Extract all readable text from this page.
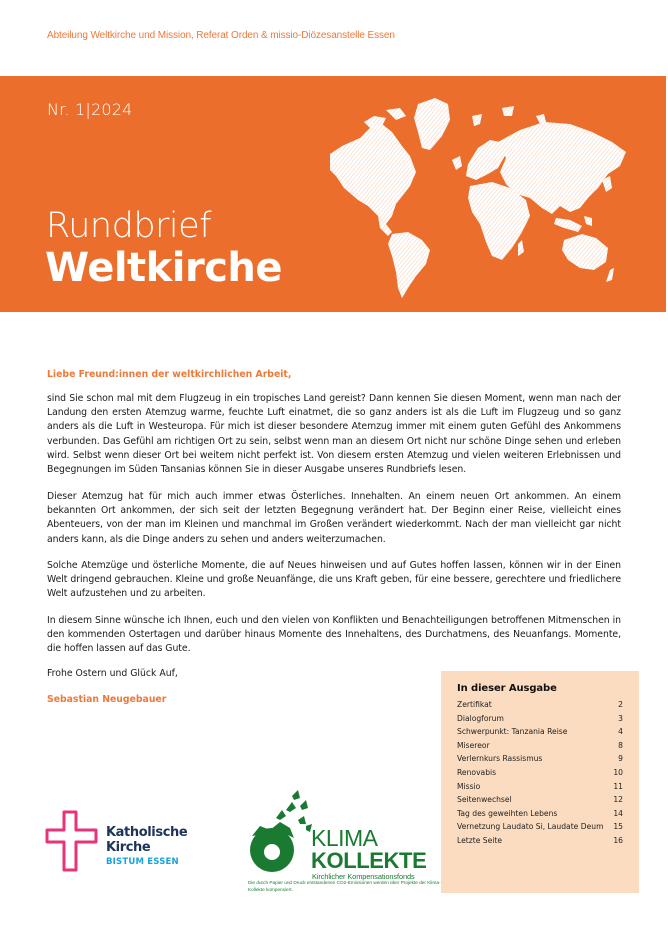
Abteilung Weltkirche und Mission, Referat Orden & missio-Diözesanstelle Essen
Nr. 1|2024
Rundbrief
Weltkirche
Liebe Freund:innen der weltkirchlichen Arbeit,

sind Sie schon mal mit dem Flugzeug in ein tropisches Land gereist? Dann kennen Sie diesen Moment, wenn man nach der Landung den ersten Atemzug warme, feuchte Luft einatmet, die so ganz anders ist als die Luft im Flugzeug und so ganz anders als die Luft in Westeuropa. Für mich ist dieser besondere Atemzug immer mit einem guten Gefühl des Ankommens verbunden. Das Gefühl am richtigen Ort zu sein, selbst wenn man an diesem Ort nicht nur schöne Dinge sehen und erleben wird. Selbst wenn dieser Ort bei weitem nicht perfekt ist. Von diesem ersten Atemzug und vielen weiteren Erlebnissen und Begegnungen im Süden Tansanias können Sie in dieser Ausgabe unseres Rundbriefs lesen.

Dieser Atemzug hat für mich auch immer etwas Österliches. Innehalten. An einem neuen Ort ankommen. An einem bekannten Ort ankommen, der sich seit der letzten Begegnung verändert hat. Der Beginn einer Reise, vielleicht eines Abenteuers, von der man im Kleinen und manchmal im Großen verändert wiederkommt. Nach der man vielleicht gar nicht anders kann, als die Dinge anders zu sehen und anders weiterzumachen.

Solche Atemzüge und österliche Momente, die auf Neues hinweisen und auf Gutes hoffen lassen, können wir in der Einen Welt dringend gebrauchen. Kleine und große Neuanfänge, die uns Kraft geben, für eine bessere, gerechtere und friedlichere Welt aufzustehen und zu arbeiten.

In diesem Sinne wünsche ich Ihnen, euch und den vielen von Konflikten und Benachteiligungen betroffenen Mitmenschen in den kommenden Ostertagen und darüber hinaus Momente des Innehaltens, des Durchatmens, des Neuanfangs. Momente, die hoffen lassen auf das Gute.

Frohe Ostern und Glück Auf,
Sebastian Neugebauer
In dieser Ausgabe
Zertifikat	2
Dialogforum	3
Schwerpunkt: Tanzania Reise	4
Misereor	8
Verlernkurs Rassismus	9
Renovabis	10
Missio	11
Seitenwechsel	12
Tag des geweihten Lebens	14
Vernetzung Laudato Si, Laudate Deum	15
Letzte Seite	16
Katholische
Kirche
BISTUM ESSEN
KLIMA
KOLLEKTE
Kirchlicher Kompensationsfonds
Die durch Papier und Druck entstandenen CO2-Emissionen werden über Projekte der Klima-Kollekte kompensiert.
